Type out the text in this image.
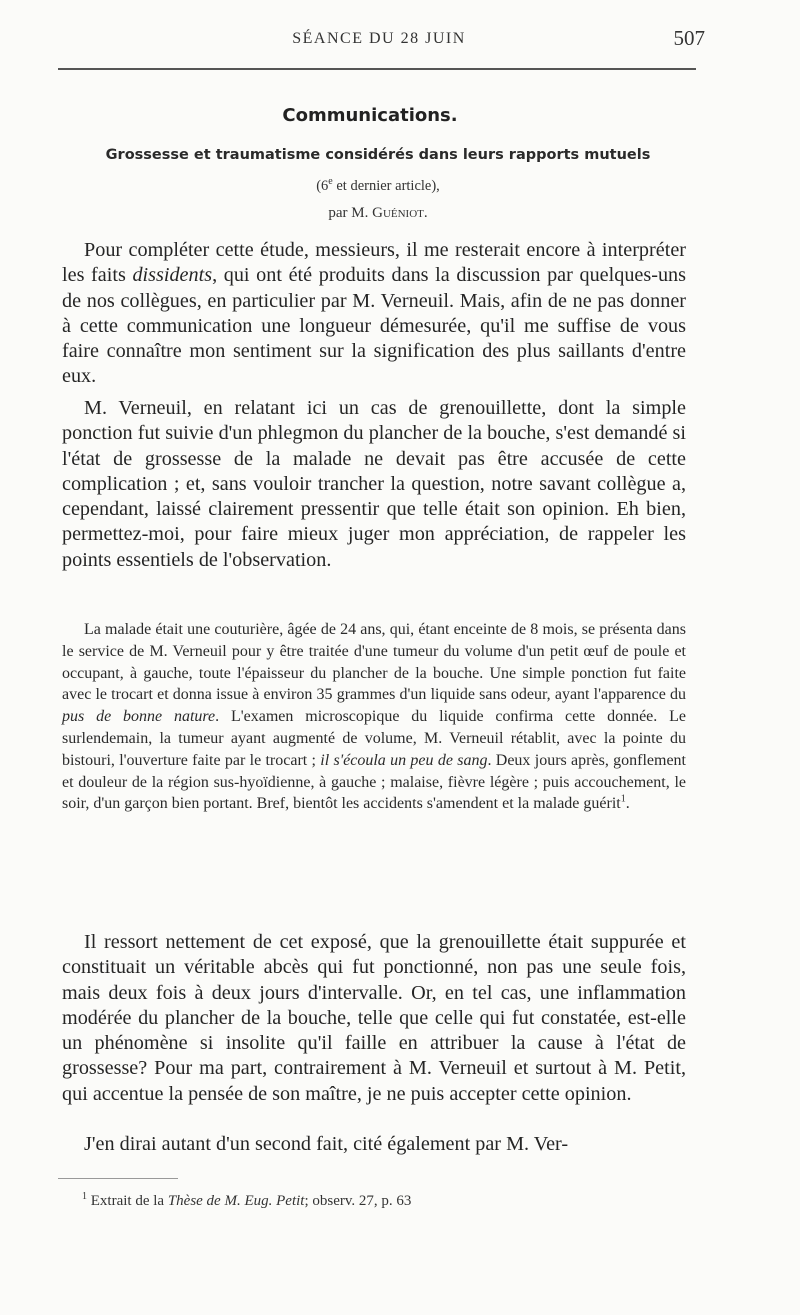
SÉANCE DU 28 JUIN	507
Communications.
Grossesse et traumatisme considérés dans leurs rapports mutuels
(6e et dernier article),
par M. Guéniot.

Pour compléter cette étude, messieurs, il me resterait encore à interpréter les faits dissidents, qui ont été produits dans la discussion par quelques-uns de nos collègues, en particulier par M. Verneuil. Mais, afin de ne pas donner à cette communication une longueur démesurée, qu'il me suffise de vous faire connaître mon sentiment sur la signification des plus saillants d'entre eux.

M. Verneuil, en relatant ici un cas de grenouillette, dont la simple ponction fut suivie d'un phlegmon du plancher de la bouche, s'est demandé si l'état de grossesse de la malade ne devait pas être accusée de cette complication ; et, sans vouloir trancher la question, notre savant collègue a, cependant, laissé clairement pressentir que telle était son opinion. Eh bien, permettez-moi, pour faire mieux juger mon appréciation, de rappeler les points essentiels de l'observation.

La malade était une couturière, âgée de 24 ans, qui, étant enceinte de 8 mois, se présenta dans le service de M. Verneuil pour y être traitée d'une tumeur du volume d'un petit œuf de poule et occupant, à gauche, toute l'épaisseur du plancher de la bouche. Une simple ponction fut faite avec le trocart et donna issue à environ 35 grammes d'un liquide sans odeur, ayant l'apparence du pus de bonne nature. L'examen microscopique du liquide confirma cette donnée. Le surlendemain, la tumeur ayant augmenté de volume, M. Verneuil rétablit, avec la pointe du bistouri, l'ouverture faite par le trocart ; il s'écoula un peu de sang. Deux jours après, gonflement et douleur de la région sus-hyoïdienne, à gauche ; malaise, fièvre légère ; puis accouchement, le soir, d'un garçon bien portant. Bref, bientôt les accidents s'amendent et la malade guérit$^1$.

Il ressort nettement de cet exposé, que la grenouillette était suppurée et constituait un véritable abcès qui fut ponctionné, non pas une seule fois, mais deux fois à deux jours d'intervalle. Or, en tel cas, une inflammation modérée du plancher de la bouche, telle que celle qui fut constatée, est-elle un phénomène si insolite qu'il faille en attribuer la cause à l'état de grossesse? Pour ma part, contrairement à M. Verneuil et surtout à M. Petit, qui accentue la pensée de son maître, je ne puis accepter cette opinion.

J'en dirai autant d'un second fait, cité également par M. Ver-

$^1$ Extrait de la Thèse de M. Eug. Petit; observ. 27, p. 63
